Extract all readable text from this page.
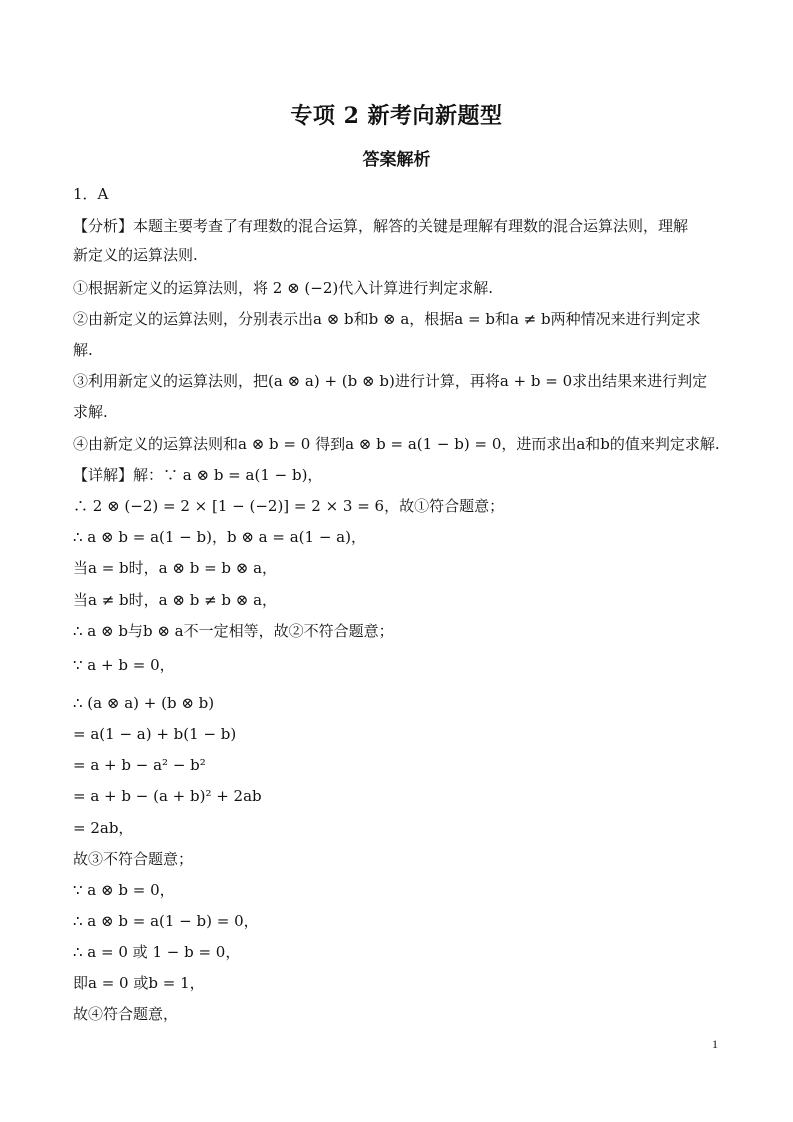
专项 2 新考向新题型
答案解析
1．A
【分析】本题主要考查了有理数的混合运算，解答的关键是理解有理数的混合运算法则，理解
新定义的运算法则.
①根据新定义的运算法则，将 2 ⊗ (−2)代入计算进行判定求解.
②由新定义的运算法则，分别表示出a ⊗ b和b ⊗ a，根据a = b和a ≠ b两种情况来进行判定求
解.
③利用新定义的运算法则，把(a ⊗ a) + (b ⊗ b)进行计算，再将a + b = 0求出结果来进行判定
求解.
④由新定义的运算法则和a ⊗ b = 0 得到a ⊗ b = a(1 − b) = 0，进而求出a和b的值来判定求解.
【详解】解：∵ a ⊗ b = a(1 − b)，
∴ 2 ⊗ (−2) = 2 × [1 − (−2)] = 2 × 3 = 6，故①符合题意；
∴ a ⊗ b = a(1 − b)，b ⊗ a = a(1 − a)，
当a = b时，a ⊗ b = b ⊗ a，
当a ≠ b时，a ⊗ b ≠ b ⊗ a，
∴ a ⊗ b与b ⊗ a不一定相等，故②不符合题意；
∵ a + b = 0，
∴ (a ⊗ a) + (b ⊗ b)
= a(1 − a) + b(1 − b)
= a + b − a² − b²
= a + b − (a + b)² + 2ab
= 2ab，
故③不符合题意；
∵ a ⊗ b = 0，
∴ a ⊗ b = a(1 − b) = 0，
∴ a = 0 或 1 − b = 0，
即a = 0 或b = 1，
故④符合题意，
1
